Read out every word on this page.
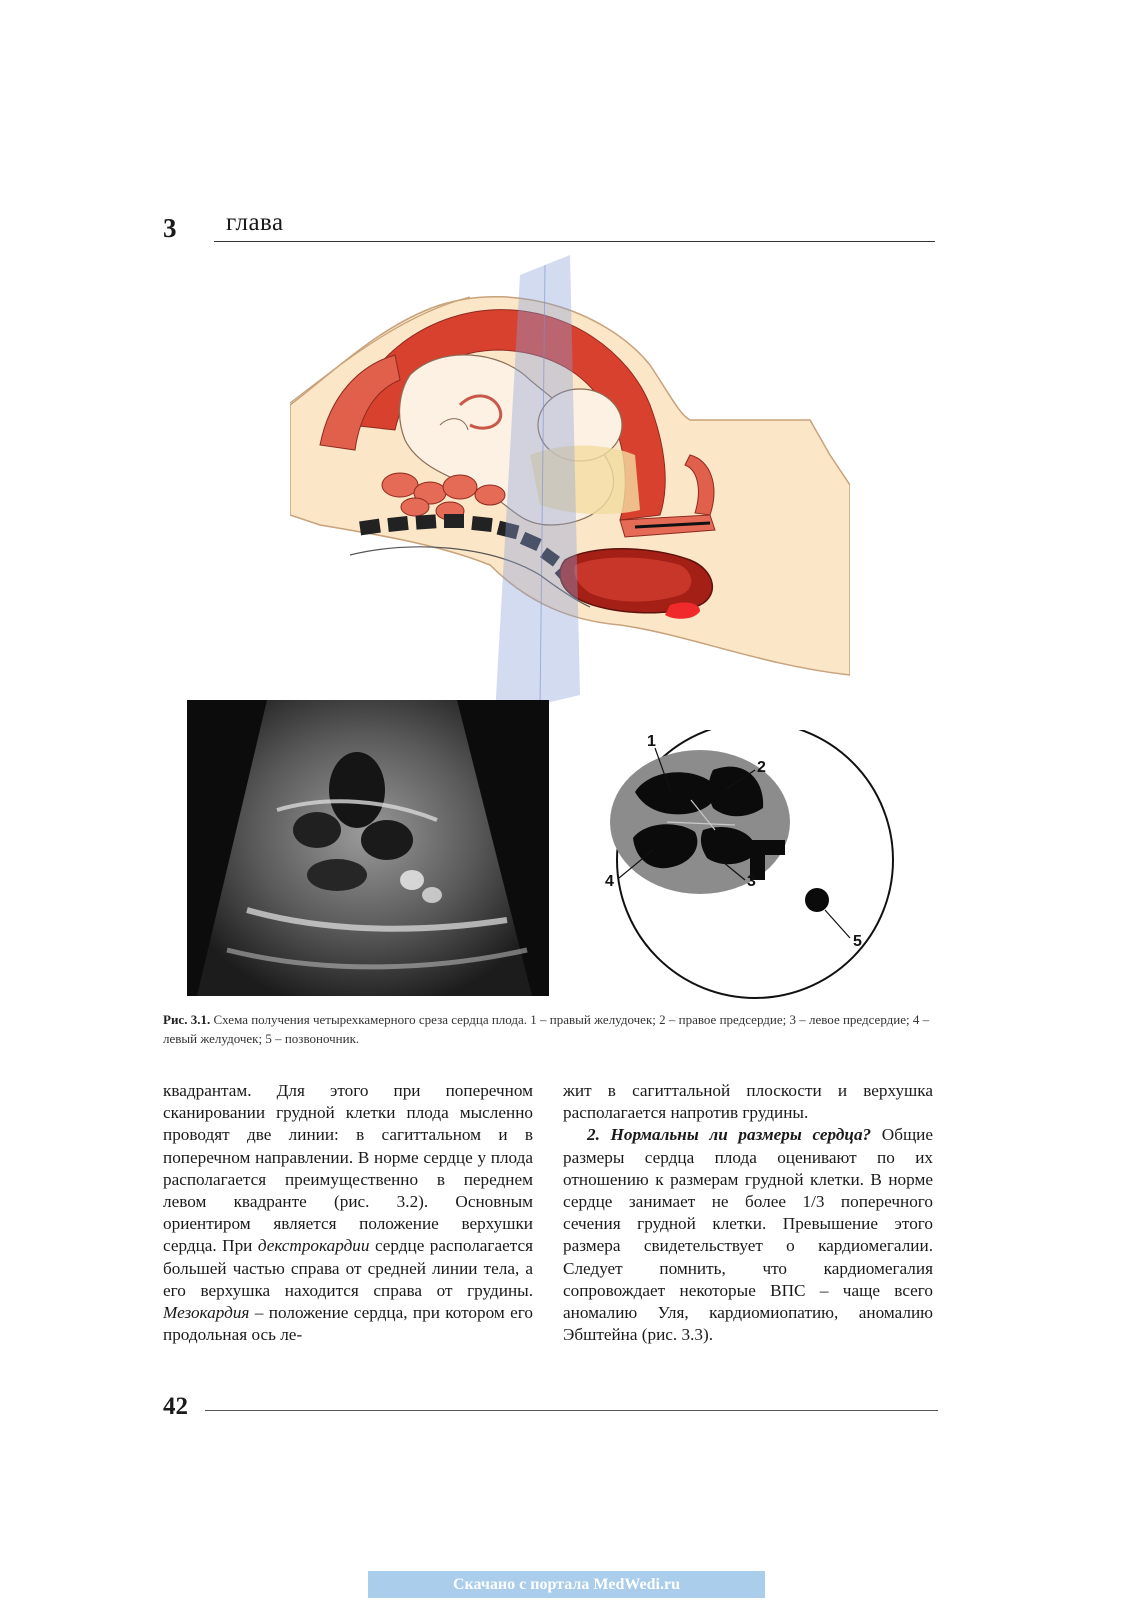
3 глава
1
2
3
4
5
Рис. 3.1. Схема получения четырехкамерного среза сердца плода. 1 – правый желудочек; 2 – правое предсердие; 3 – левое предсердие; 4 – левый желудочек; 5 – позвоночник.

квадрантам. Для этого при поперечном сканировании грудной клетки плода мысленно проводят две линии: в сагиттальном и в поперечном направлении. В норме сердце у плода располагается преимущественно в переднем левом квадранте (рис. 3.2). Основным ориентиром является положение верхушки сердца. При декстрокардии сердце располагается большей частью справа от средней линии тела, а его верхушка находится справа от грудины. Мезокардия – положение сердца, при котором его продольная ось ле-

жит в сагиттальной плоскости и верхушка располагается напротив грудины.

2. Нормальны ли размеры сердца? Общие размеры сердца плода оценивают по их отношению к размерам грудной клетки. В норме сердце занимает не более 1/3 поперечного сечения грудной клетки. Превышение этого размера свидетельствует о кардиомегалии. Следует помнить, что кардиомегалия сопровождает некоторые ВПС – чаще всего аномалию Уля, кардиомиопатию, аномалию Эбштейна (рис. 3.3).

42
Скачано с портала MedWedi.ru
